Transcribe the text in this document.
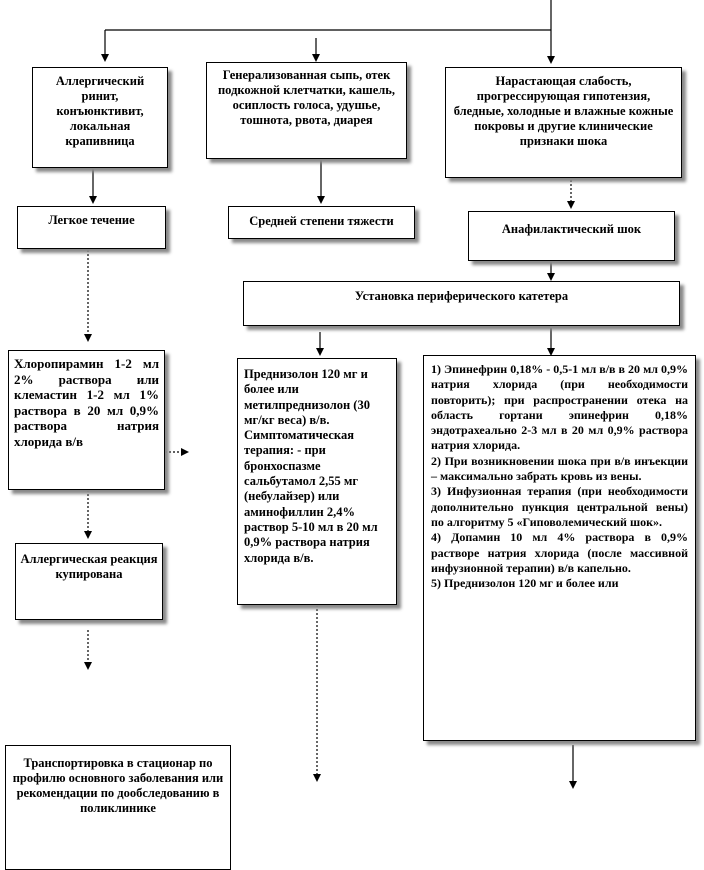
Аллергический ринит, конъюнктивит, локальная крапивница

Генерализованная сыпь, отек подкожной клетчатки, кашель, осиплость голоса, удушье, тошнота, рвота, диарея

Нарастающая слабость, прогрессирующая гипотензия, бледные, холодные и влажные кожные покровы и другие клинические признаки шока

Легкое течение	Средней степени тяжести

Анафилактический шок

Установка периферического катетера

Хлоропирамин 1-2 мл 2% раствора или клемастин 1-2 мл 1% раствора в 20 мл 0,9% раствора натрия хлорида в/в

Преднизолон 120 мг и более или метилпреднизолон (30 мг/кг веса) в/в. Симптоматическая терапия: - при бронхоспазме сальбутамол 2,55 мг (небулайзер) или аминофиллин 2,4% раствор 5-10 мл в 20 мл 0,9% раствора натрия хлорида в/в.

1) Эпинефрин 0,18% - 0,5-1 мл в/в в 20 мл 0,9% натрия хлорида (при необходимости повторить); при распространении отека на область гортани эпинефрин 0,18% эндотрахеально 2-3 мл в 20 мл 0,9% раствора натрия хлорида.

2) При возникновении шока при в/в инъекции – максимально забрать кровь из вены.

3) Инфузионная терапия (при необходимости дополнительно пункция центральной вены) по алгоритму 5 «Гиповолемический шок».

4) Допамин 10 мл 4% раствора в 0,9% растворе натрия хлорида (после массивной инфузионной терапии) в/в капельно.

5) Преднизолон 120 мг и более или

Аллергическая реакция купирована

Транспортировка в стационар по профилю основного заболевания или рекомендации по дообследованию в поликлинике
